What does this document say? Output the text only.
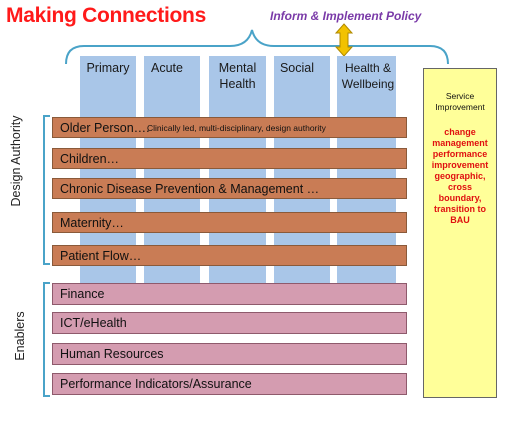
Making Connections	Inform & Implement Policy
Primary	Acute	Mental
Health
Social	Health &
Wellbeing
Older Person….
Clinically led, multi-disciplinary, design authority
Children…
Chronic Disease Prevention & Management …
Maternity…
Patient Flow…
Finance
ICT/eHealth
Human Resources
Performance Indicators/Assurance
Design Authority
Enablers
Service
Improvement
change
management
performance
improvement
geographic,
cross
boundary,
transition to
BAU
